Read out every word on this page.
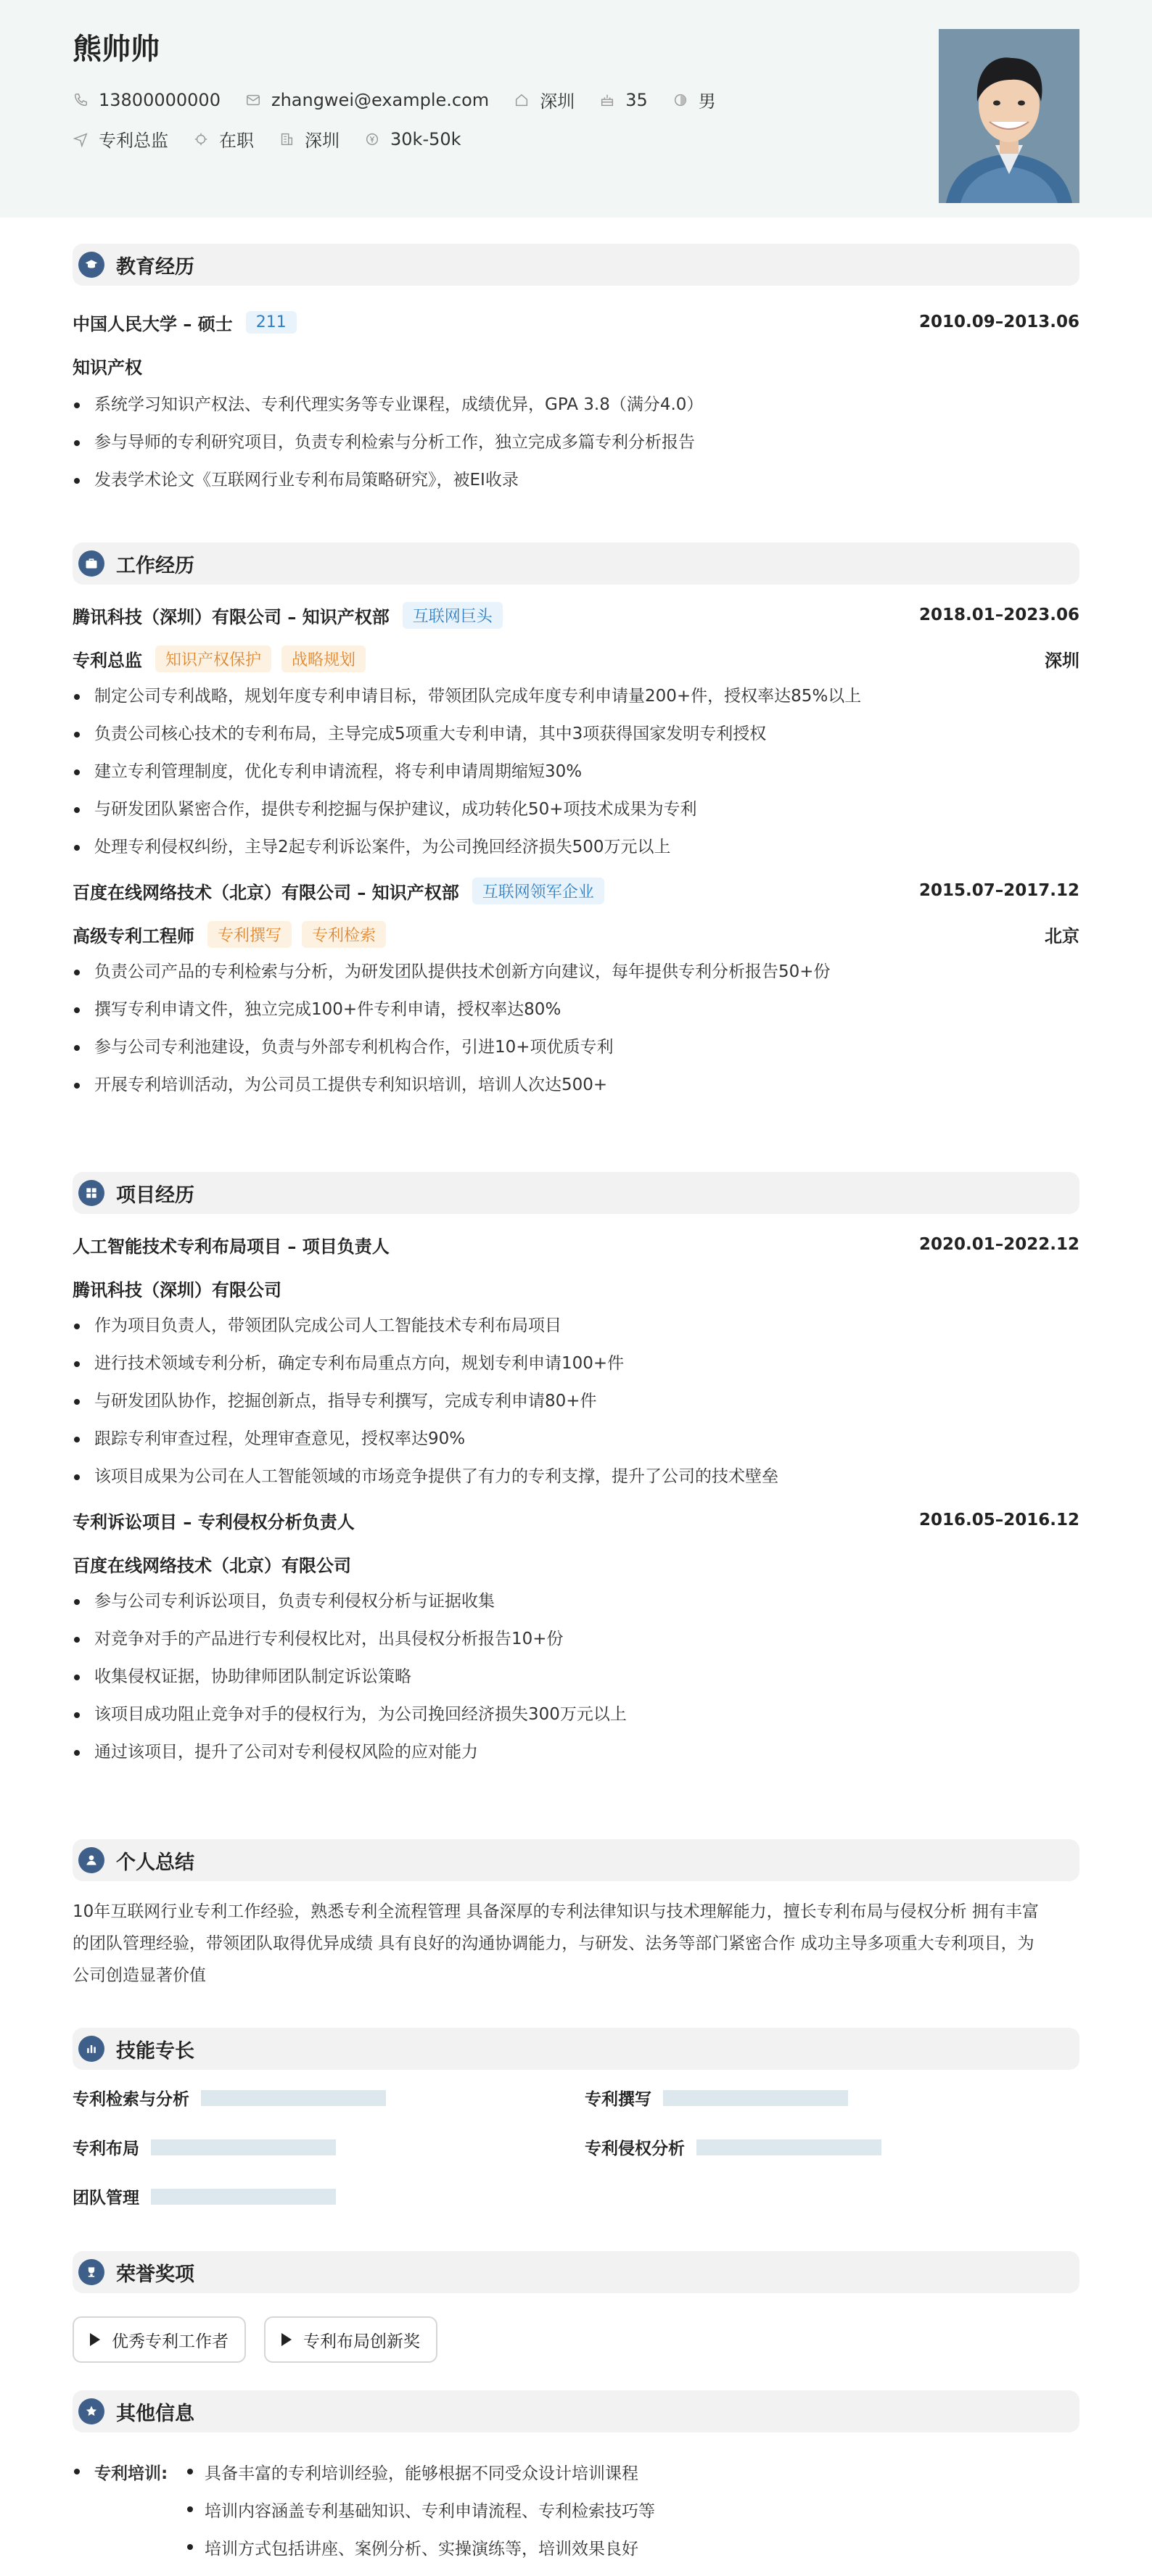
熊帅帅
13800000000	zhangwei@example.com	深圳	35	男
专利总监	在职	深圳	30k-50k
教育经历
中国人民大学 – 硕士	211	2010.09–2013.06
知识产权
系统学习知识产权法、专利代理实务等专业课程，成绩优异，GPA 3.8（满分4.0）
参与导师的专利研究项目，负责专利检索与分析工作，独立完成多篇专利分析报告
发表学术论文《互联网行业专利布局策略研究》，被EI收录
工作经历
腾讯科技（深圳）有限公司 – 知识产权部	互联网巨头	2018.01–2023.06
专利总监	知识产权保护	战略规划	深圳
制定公司专利战略，规划年度专利申请目标，带领团队完成年度专利申请量200+件，授权率达85%以上
负责公司核心技术的专利布局，主导完成5项重大专利申请，其中3项获得国家发明专利授权
建立专利管理制度，优化专利申请流程，将专利申请周期缩短30%
与研发团队紧密合作，提供专利挖掘与保护建议，成功转化50+项技术成果为专利
处理专利侵权纠纷，主导2起专利诉讼案件，为公司挽回经济损失500万元以上
百度在线网络技术（北京）有限公司 – 知识产权部	互联网领军企业	2015.07–2017.12
高级专利工程师	专利撰写	专利检索	北京
负责公司产品的专利检索与分析，为研发团队提供技术创新方向建议，每年提供专利分析报告50+份
撰写专利申请文件，独立完成100+件专利申请，授权率达80%
参与公司专利池建设，负责与外部专利机构合作，引进10+项优质专利
开展专利培训活动，为公司员工提供专利知识培训，培训人次达500+
项目经历
人工智能技术专利布局项目 – 项目负责人	2020.01–2022.12
腾讯科技（深圳）有限公司
作为项目负责人，带领团队完成公司人工智能技术专利布局项目
进行技术领域专利分析，确定专利布局重点方向，规划专利申请100+件
与研发团队协作，挖掘创新点，指导专利撰写，完成专利申请80+件
跟踪专利审查过程，处理审查意见，授权率达90%
该项目成果为公司在人工智能领域的市场竞争提供了有力的专利支撑，提升了公司的技术壁垒
专利诉讼项目 – 专利侵权分析负责人	2016.05–2016.12
百度在线网络技术（北京）有限公司
参与公司专利诉讼项目，负责专利侵权分析与证据收集
对竞争对手的产品进行专利侵权比对，出具侵权分析报告10+份
收集侵权证据，协助律师团队制定诉讼策略
该项目成功阻止竞争对手的侵权行为，为公司挽回经济损失300万元以上
通过该项目，提升了公司对专利侵权风险的应对能力
个人总结
10年互联网行业专利工作经验，熟悉专利全流程管理 具备深厚的专利法律知识与技术理解能力，擅长专利布局与侵权分析 拥有丰富
的团队管理经验，带领团队取得优异成绩 具有良好的沟通协调能力，与研发、法务等部门紧密合作 成功主导多项重大专利项目，为
公司创造显著价值
技能专长
专利检索与分析	专利撰写
专利布局	专利侵权分析
团队管理
荣誉奖项
优秀专利工作者	专利布局创新奖
其他信息
专利培训: 具备丰富的专利培训经验，能够根据不同受众设计培训课程
培训内容涵盖专利基础知识、专利申请流程、专利检索技巧等
培训方式包括讲座、案例分析、实操演练等，培训效果良好
